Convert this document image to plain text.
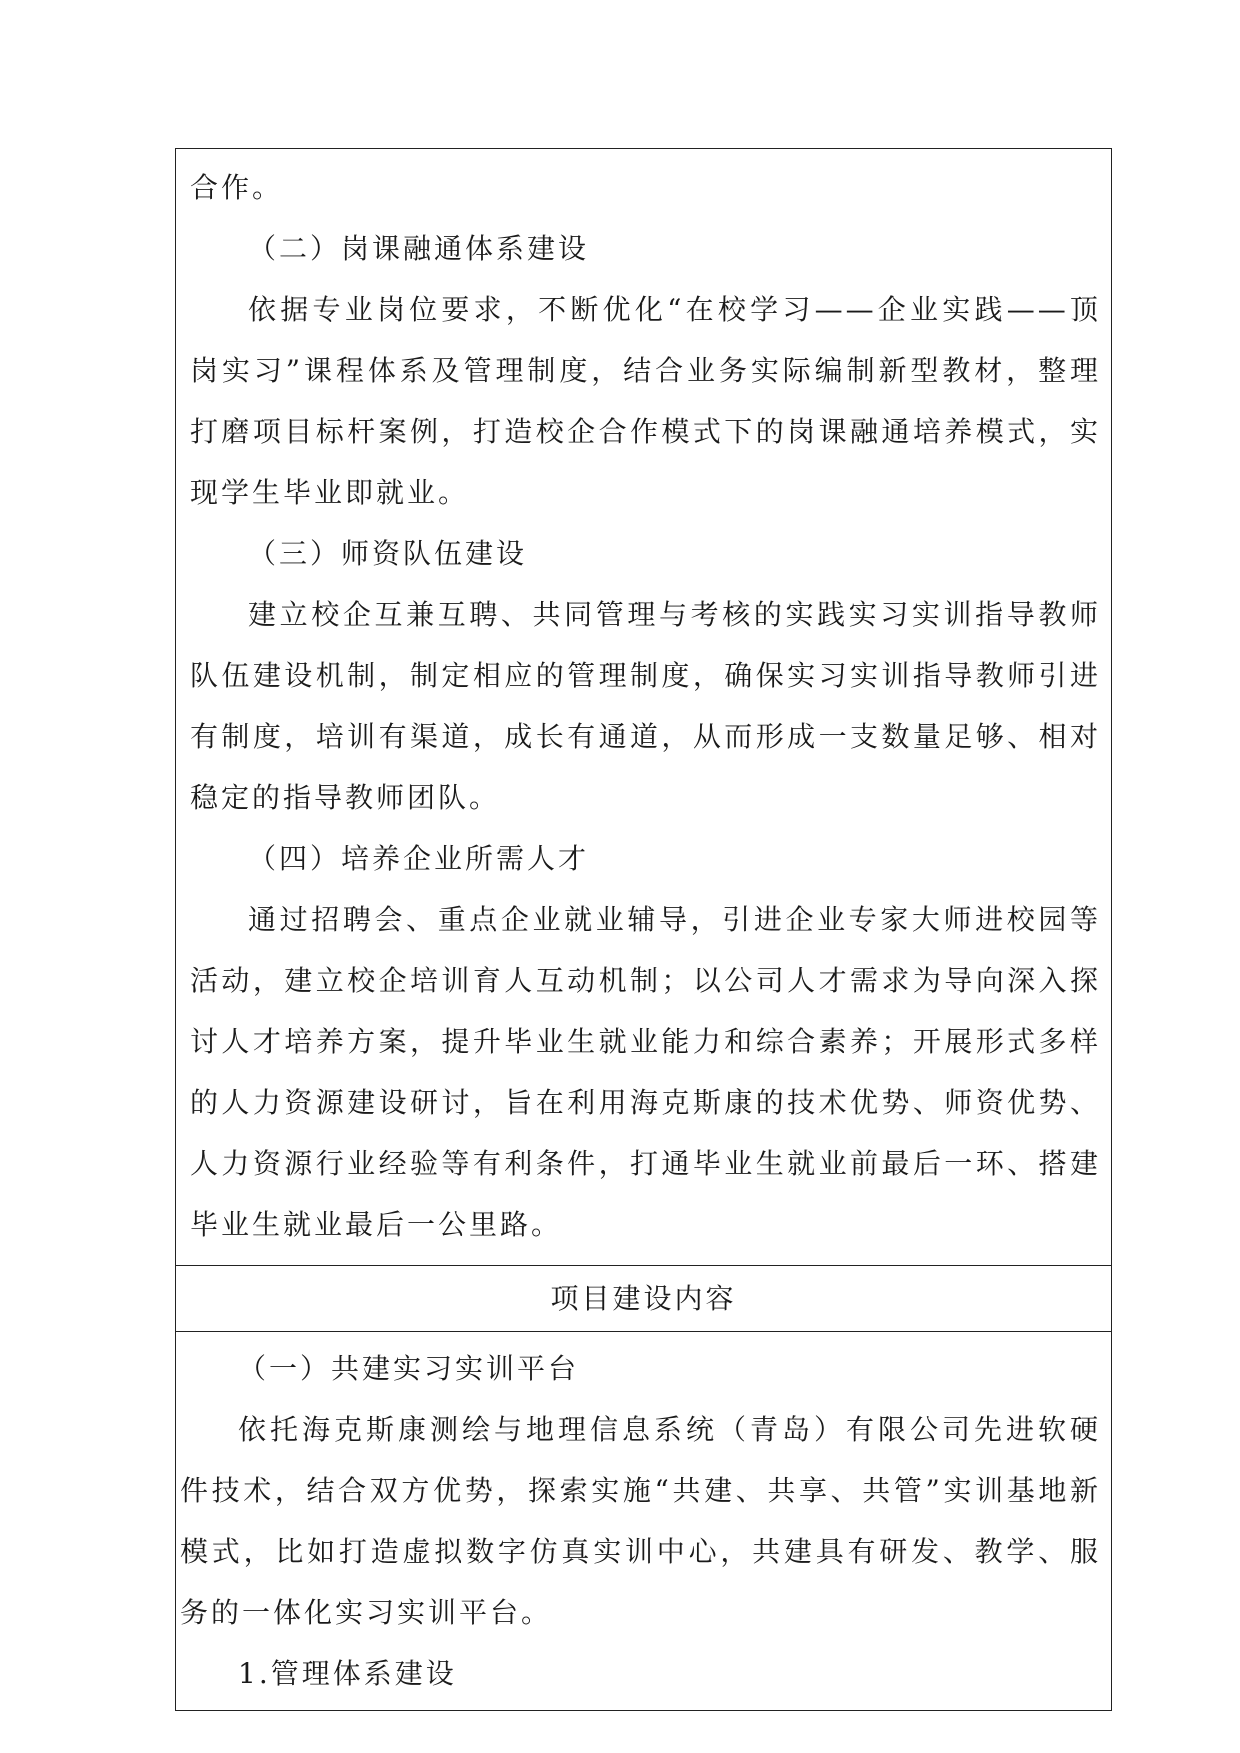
合作。

（二）岗课融通体系建设

依据专业岗位要求，不断优化“在校学习——企业实践——顶岗实习”课程体系及管理制度，结合业务实际编制新型教材，整理打磨项目标杆案例，打造校企合作模式下的岗课融通培养模式，实现学生毕业即就业。

（三）师资队伍建设

建立校企互兼互聘、共同管理与考核的实践实习实训指导教师队伍建设机制，制定相应的管理制度，确保实习实训指导教师引进有制度，培训有渠道，成长有通道，从而形成一支数量足够、相对稳定的指导教师团队。

（四）培养企业所需人才

通过招聘会、重点企业就业辅导，引进企业专家大师进校园等活动，建立校企培训育人互动机制；以公司人才需求为导向深入探讨人才培养方案，提升毕业生就业能力和综合素养；开展形式多样的人力资源建设研讨，旨在利用海克斯康的技术优势、师资优势、人力资源行业经验等有利条件，打通毕业生就业前最后一环、搭建毕业生就业最后一公里路。

项目建设内容

（一）共建实习实训平台

依托海克斯康测绘与地理信息系统（青岛）有限公司先进软硬件技术，结合双方优势，探索实施“共建、共享、共管”实训基地新模式，比如打造虚拟数字仿真实训中心，共建具有研发、教学、服务的一体化实习实训平台。

1.管理体系建设
